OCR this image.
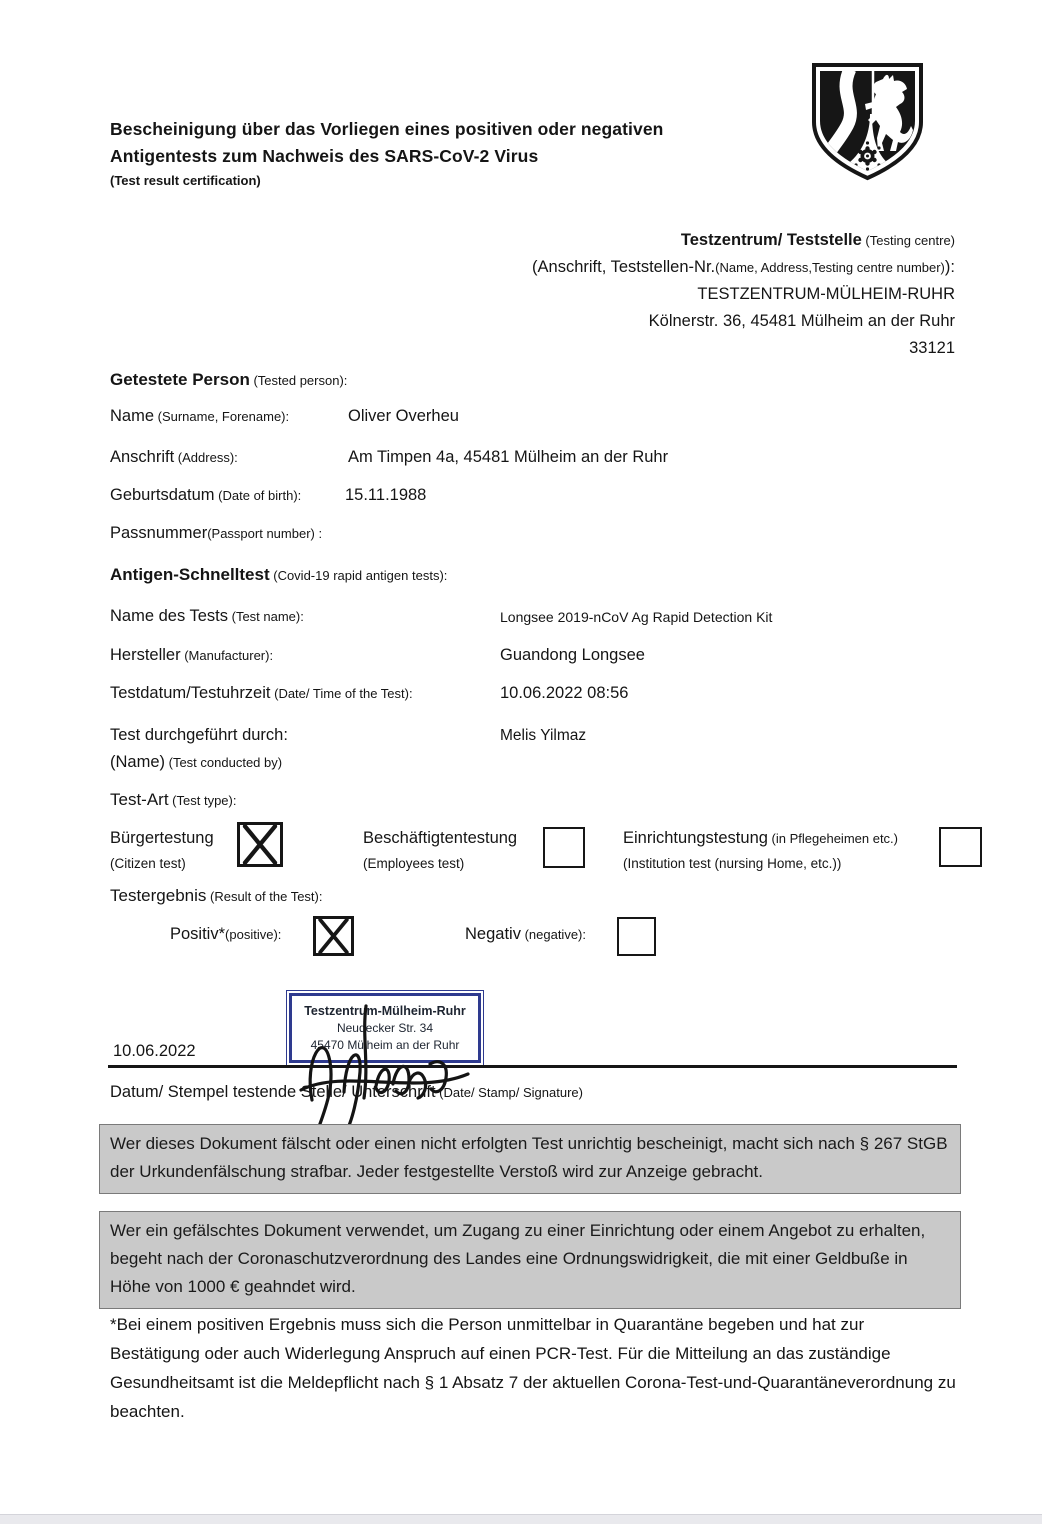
Bescheinigung über das Vorliegen eines positiven oder negativen
Antigentests zum Nachweis des SARS-CoV-2 Virus
(Test result certification)
Testzentrum/ Teststelle (Testing centre)
(Anschrift, Teststellen-Nr.(Name, Address,Testing centre number)):
TESTZENTRUM-MÜLHEIM-RUHR
Kölnerstr. 36, 45481 Mülheim an der Ruhr
33121
Getestete Person (Tested person):
Name (Surname, Forename):	Oliver Overheu
Anschrift (Address):	Am Timpen 4a, 45481 Mülheim an der Ruhr
Geburtsdatum (Date of birth):	15.11.1988
Passnummer(Passport number) :
Antigen-Schnelltest (Covid-19 rapid antigen tests):
Name des Tests (Test name):	Longsee 2019-nCoV Ag Rapid Detection Kit
Hersteller (Manufacturer):	Guandong Longsee
Testdatum/Testuhrzeit (Date/ Time of the Test):	10.06.2022 08:56
Test durchgeführt durch:
(Name) (Test conducted by)
Melis Yilmaz
Test-Art (Test type):
Bürgertestung
(Citizen test)
Beschäftigtentestung
(Employees test)
Einrichtungstestung (in Pflegeheimen etc.)
(Institution test (nursing Home, etc.))
Testergebnis (Result of the Test):
Positiv*(positive):	Negativ (negative):
10.06.2022
Testzentrum-Mülheim-Ruhr
Neudecker Str. 34
45470 Mülheim an der Ruhr
Datum/ Stempel testende Stelle/ Unterschrift (Date/ Stamp/ Signature)
Wer dieses Dokument fälscht oder einen nicht erfolgten Test unrichtig bescheinigt, macht sich nach § 267 StGB der Urkundenfälschung strafbar. Jeder festgestellte Verstoß wird zur Anzeige gebracht.
Wer ein gefälschtes Dokument verwendet, um Zugang zu einer Einrichtung oder einem Angebot zu erhalten, begeht nach der Coronaschutzverordnung des Landes eine Ordnungswidrigkeit, die mit einer Geldbuße in Höhe von 1000 € geahndet wird.
*Bei einem positiven Ergebnis muss sich die Person unmittelbar in Quarantäne begeben und hat zur Bestätigung oder auch Widerlegung Anspruch auf einen PCR-Test. Für die Mitteilung an das zuständige Gesundheitsamt ist die Meldepflicht nach § 1 Absatz 7 der aktuellen Corona-Test-und-Quarantäneverordnung zu beachten.
